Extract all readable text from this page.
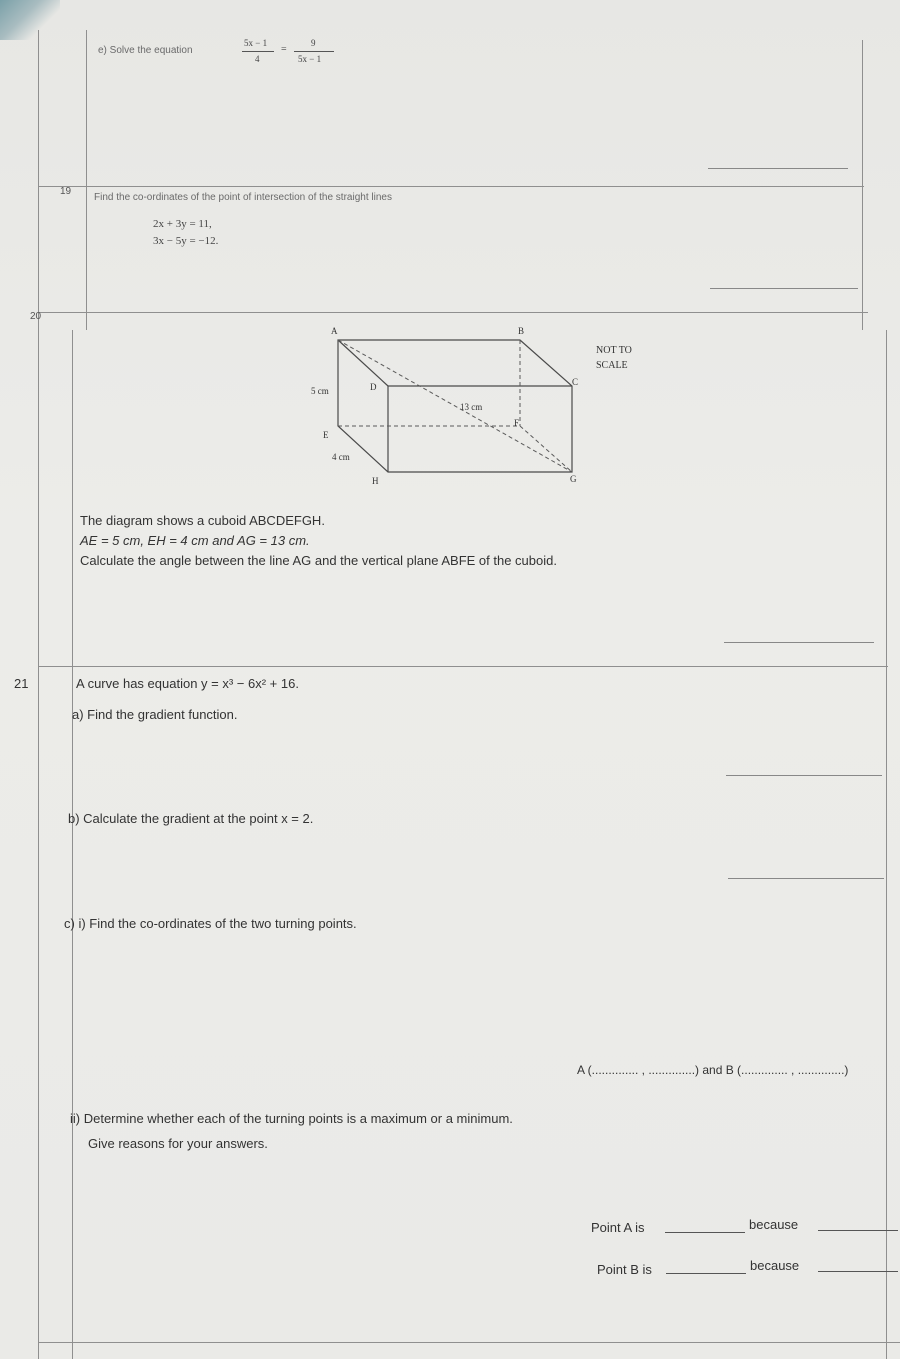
e) Solve the equation
5x − 1
4
=
9
5x − 1
19
Find the co-ordinates of the point of intersection of the straight lines
2x + 3y = 11,
3x − 5y = −12.
20
A	B
C
D
E
F
G
H
5 cm
13 cm
4 cm
NOT TO
SCALE
The diagram shows a cuboid ABCDEFGH.
AE = 5 cm, EH = 4 cm and AG = 13 cm.
Calculate the angle between the line AG and the vertical plane ABFE of the cuboid.
21	A curve has equation y = x³ − 6x² + 16.
a) Find the gradient function.
b) Calculate the gradient at the point x = 2.
c) i) Find the co-ordinates of the two turning points.
A (.............. , ..............) and B (.............. , ..............)
ii) Determine whether each of the turning points is a maximum or a minimum.
Give reasons for your answers.
Point A is	because
Point B is	because
